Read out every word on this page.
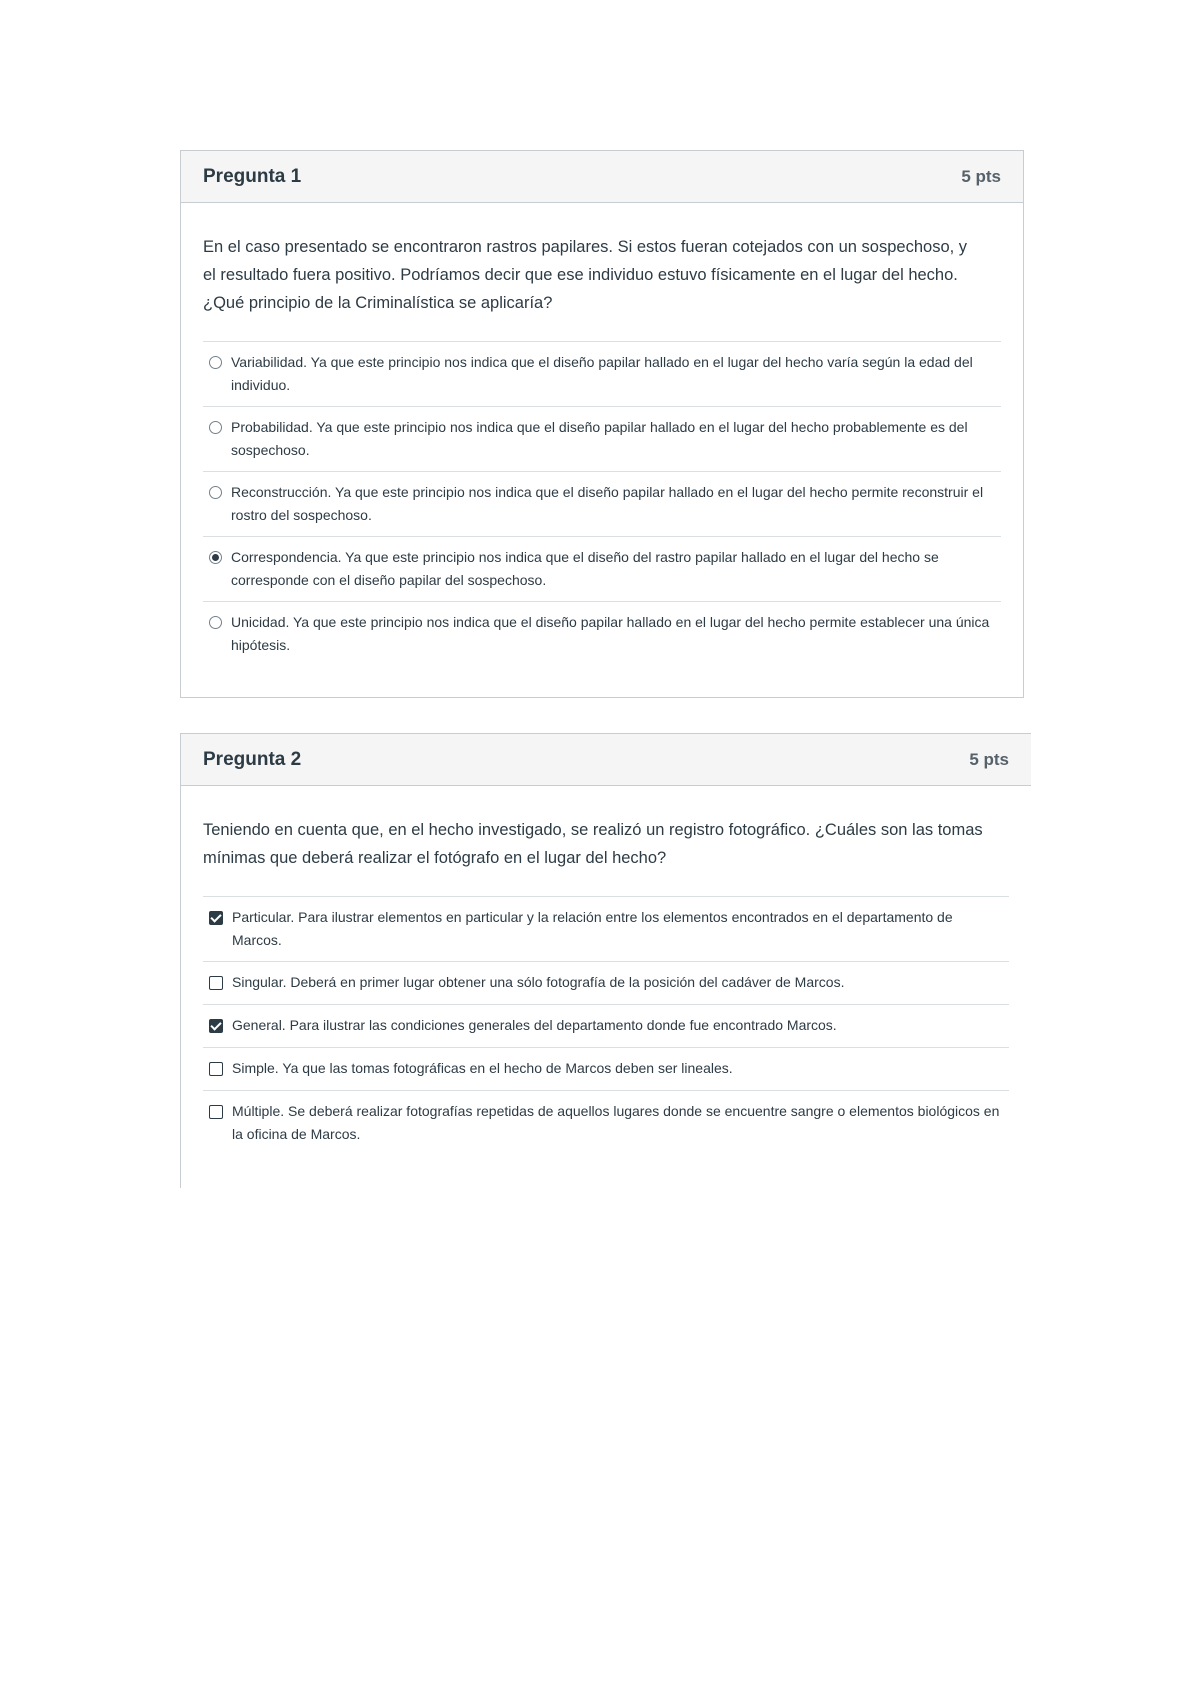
Pregunta 1	5 pts

En el caso presentado se encontraron rastros papilares. Si estos fueran cotejados con un sospechoso, y el resultado fuera positivo. Podríamos decir que ese individuo estuvo físicamente en el lugar del hecho. ¿Qué principio de la Criminalística se aplicaría?

Variabilidad. Ya que este principio nos indica que el diseño papilar hallado en el lugar del hecho varía según la edad del individuo.
Probabilidad. Ya que este principio nos indica que el diseño papilar hallado en el lugar del hecho probablemente es del sospechoso.
Reconstrucción. Ya que este principio nos indica que el diseño papilar hallado en el lugar del hecho permite reconstruir el rostro del sospechoso.
Correspondencia. Ya que este principio nos indica que el diseño del rastro papilar hallado en el lugar del hecho se corresponde con el diseño papilar del sospechoso.
Unicidad. Ya que este principio nos indica que el diseño papilar hallado en el lugar del hecho permite establecer una única hipótesis.
Pregunta 2	5 pts

Teniendo en cuenta que, en el hecho investigado, se realizó un registro fotográfico. ¿Cuáles son las tomas mínimas que deberá realizar el fotógrafo en el lugar del hecho?

Particular. Para ilustrar elementos en particular y la relación entre los elementos encontrados en el departamento de Marcos.
Singular. Deberá en primer lugar obtener una sólo fotografía de la posición del cadáver de Marcos.
General. Para ilustrar las condiciones generales del departamento donde fue encontrado Marcos.
Simple. Ya que las tomas fotográficas en el hecho de Marcos deben ser lineales.
Múltiple. Se deberá realizar fotografías repetidas de aquellos lugares donde se encuentre sangre o elementos biológicos en la oficina de Marcos.
